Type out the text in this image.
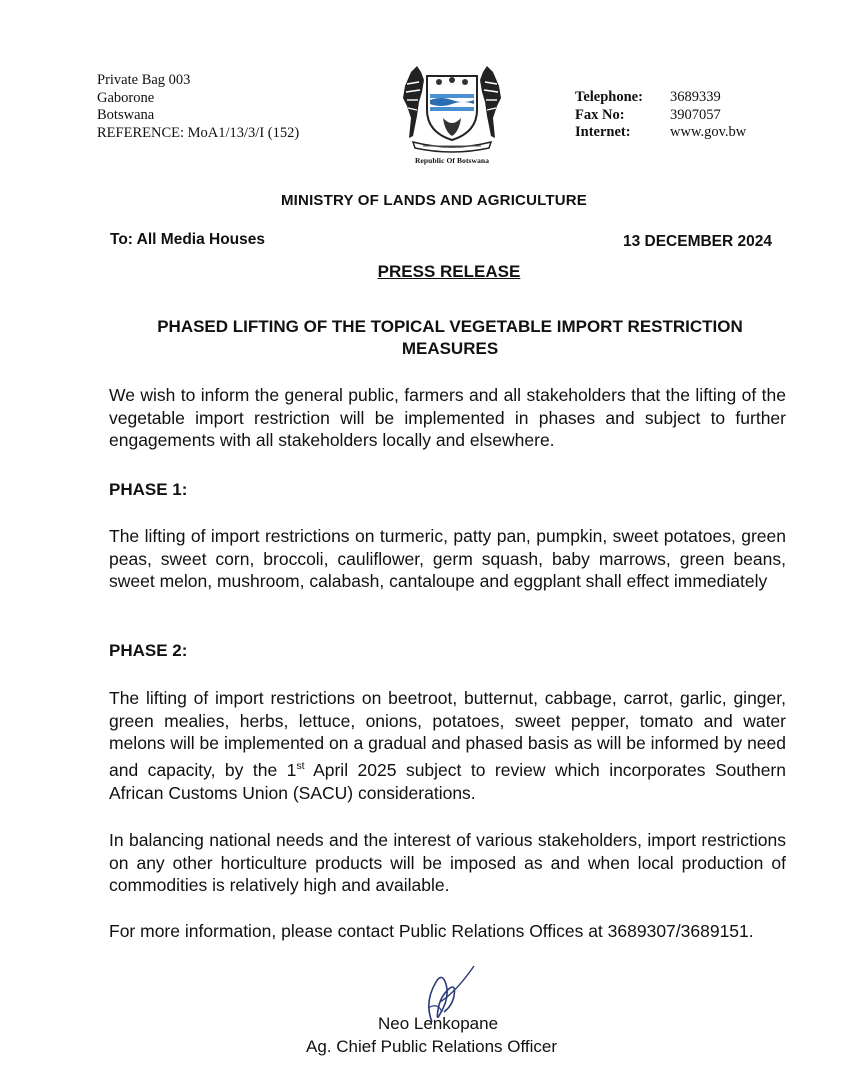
Private Bag 003
Gaborone
Botswana
REFERENCE: MoA1/13/3/I (152)
Republic Of Botswana
Telephone:	3689339
Fax No:	3907057
Internet:	www.gov.bw
MINISTRY OF LANDS AND AGRICULTURE
To: All Media Houses	13 DECEMBER 2024
PRESS RELEASE
PHASED LIFTING OF THE TOPICAL VEGETABLE IMPORT RESTRICTION MEASURES
We wish to inform the general public, farmers and all stakeholders that the lifting of the vegetable import restriction will be implemented in phases and subject to further engagements with all stakeholders locally and elsewhere.
PHASE 1:
The lifting of import restrictions on turmeric, patty pan, pumpkin, sweet potatoes, green peas, sweet corn, broccoli, cauliflower, germ squash, baby marrows, green beans, sweet melon, mushroom, calabash, cantaloupe and eggplant shall effect immediately
PHASE 2:
The lifting of import restrictions on beetroot, butternut, cabbage, carrot, garlic, ginger, green mealies, herbs, lettuce, onions, potatoes, sweet pepper, tomato and water melons will be implemented on a gradual and phased basis as will be informed by need and capacity, by the 1st April 2025 subject to review which incorporates Southern African Customs Union (SACU) considerations.
In balancing national needs and the interest of various stakeholders, import restrictions on any other horticulture products will be imposed as and when local production of commodities is relatively high and available.
For more information, please contact Public Relations Offices at 3689307/3689151.
Neo Lenkopane
Ag. Chief Public Relations Officer
